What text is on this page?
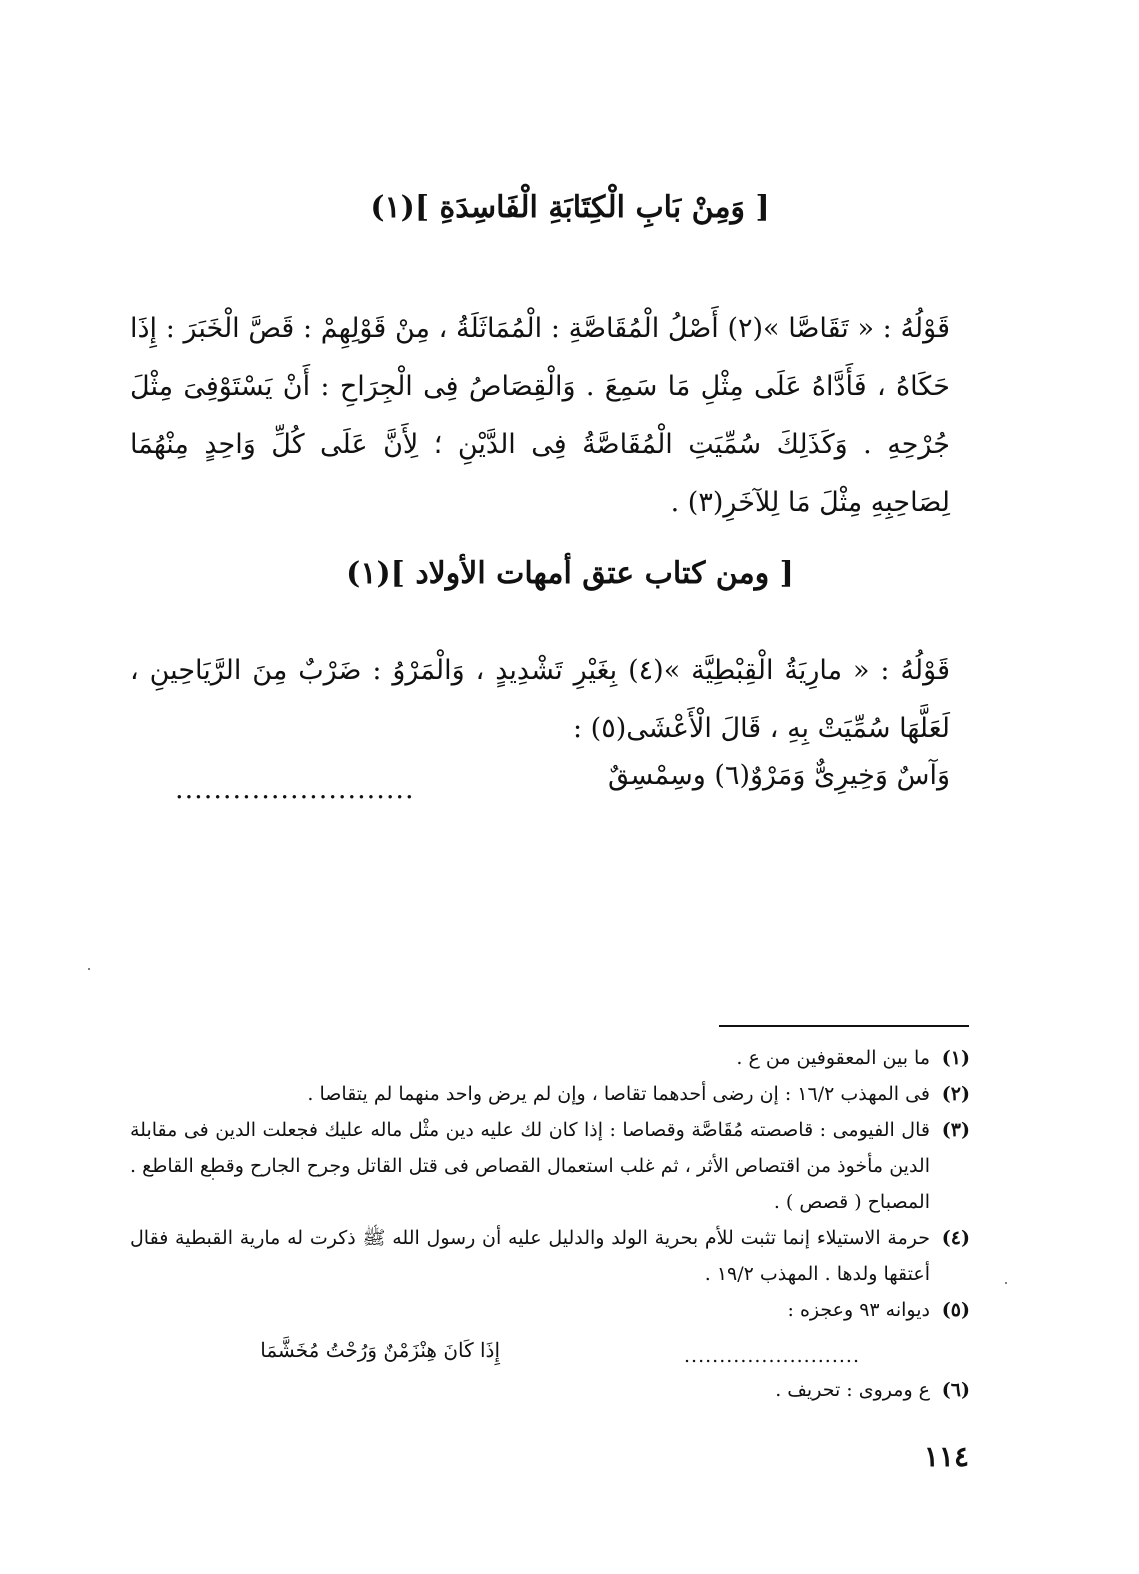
[ وَمِنْ بَابِ الْكِتَابَةِ الْفَاسِدَةِ ](١)

قَوْلُهُ : « تَقَاصَّا »(٢) أَصْلُ الْمُقَاصَّةِ : الْمُمَاثَلَةُ ، مِنْ قَوْلِهِمْ : قَصَّ الْخَبَرَ : إِذَا حَكَاهُ ، فَأَدَّاهُ عَلَى مِثْلِ مَا سَمِعَ . وَالْقِصَاصُ فِى الْجِرَاحِ : أَنْ يَسْتَوْفِىَ مِثْلَ جُرْحِهِ . وَكَذَلِكَ سُمِّيَتِ الْمُقَاصَّةُ فِى الدَّيْنِ ؛ لِأَنَّ عَلَى كُلِّ وَاحِدٍ مِنْهُمَا لِصَاحِبِهِ مِثْلَ مَا لِلآخَرِ(٣) .

[ ومن كتاب عتق أمهات الأولاد ](١)

قَوْلُهُ : « مارِيَةُ الْقِبْطِيَّة »(٤) بِغَيْرِ تَشْدِيدٍ ، وَالْمَرْوُ : ضَرْبٌ مِنَ الرَّيَاحِينِ ، لَعَلَّهَا سُمِّيَتْ بِهِ ، قَالَ الْأَعْشَى(٥) :

وَآسٌ وَخِيرِىٌّ وَمَرْوٌ(٦) وسِمْسِقٌ
.........................
(١)
ما بين المعقوفين من ع .
(٢)
فى المهذب ١٦/٢ : إن رضى أحدهما تقاصا ، وإن لم يرض واحد منهما لم يتقاصا .
(٣)
قال الفيومى : قاصصته مُقَاصَّة وقصاصا : إذا كان لك عليه دين مثْل ماله عليك فجعلت الدين فى مقابلة الدين مأخوذ من اقتصاص الأثر ، ثم غلب استعمال القصاص فى قتل القاتل وجرح الجارح وقطع القاطع . المصباح ( قصص ) .
(٤)
حرمة الاستيلاء إنما تثبت للأم بحرية الولد والدليل عليه أن رسول الله ﷺ ذكرت له مارية القبطية فقال أعتقها ولدها . المهذب ١٩/٢ .
(٥)
ديوانه ٩٣ وعجزه :
.........................
إِذَا كَانَ هِنْزَمْنٌ وَرُحْتُ مُخَشَّمَا
(٦)
ع ومروى : تحريف .
١١٤
